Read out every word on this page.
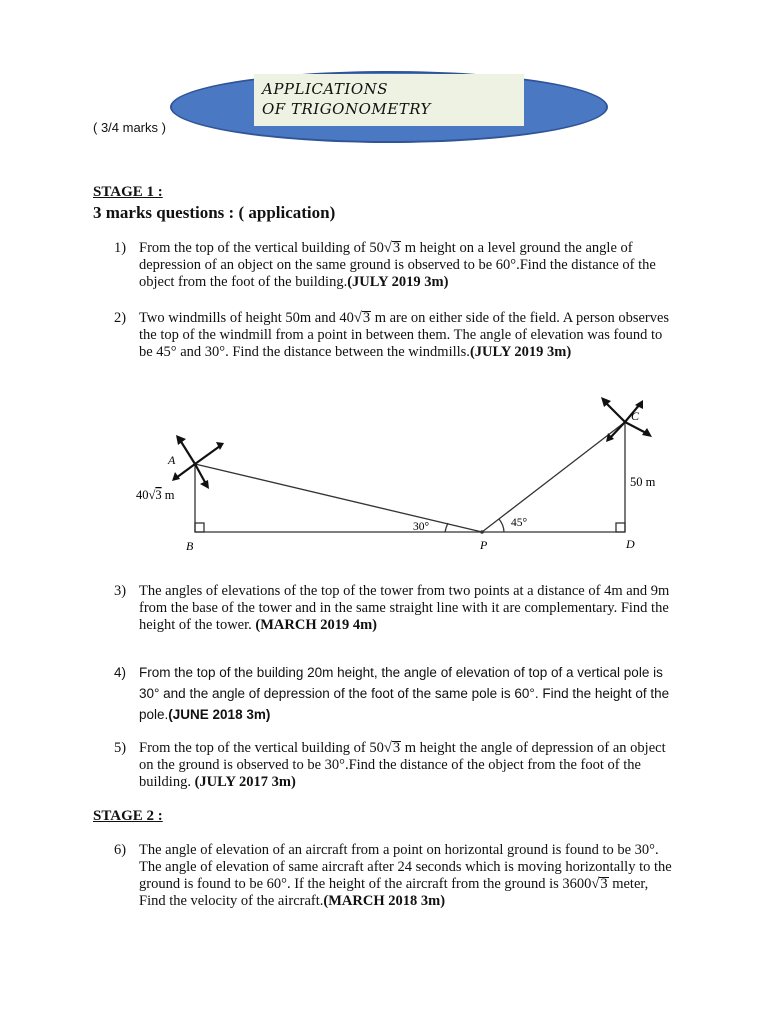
APPLICATIONS
OF TRIGONOMETRY
( 3/4 marks )
STAGE 1 :
3 marks questions : ( application)
1) From the top of the vertical building of 50√3 m height on a level ground the angle of depression of an object on the same ground is observed to be 60°.Find the distance of the object from the foot of the building.(JULY 2019 3m)
2) Two windmills of height 50m and 40√3 m are on either side of the field. A person observes the top of the windmill from a point in between them. The angle of elevation was found to be 45° and 30°. Find the distance between the windmills.(JULY 2019 3m)
A
B
C
D
P
40√3 m
50 m
30°	45°
3) The angles of elevations of the top of the tower from two points at a distance of 4m and 9m from the base of the tower and in the same straight line with it are complementary. Find the height of the tower. (MARCH 2019 4m)
4) From the top of the building 20m height, the angle of elevation of top of a vertical pole is 30° and the angle of depression of the foot of the same pole is 60°. Find the height of the pole.(JUNE 2018 3m)
5) From the top of the vertical building of 50√3 m height the angle of depression of an object on the ground is observed to be 30°.Find the distance of the object from the foot of the building. (JULY 2017 3m)
STAGE 2 :
6) The angle of elevation of an aircraft from a point on horizontal ground is found to be 30°. The angle of elevation of same aircraft after 24 seconds which is moving horizontally to the ground is found to be 60°. If the height of the aircraft from the ground is 3600√3 meter, Find the velocity of the aircraft.(MARCH 2018 3m)
